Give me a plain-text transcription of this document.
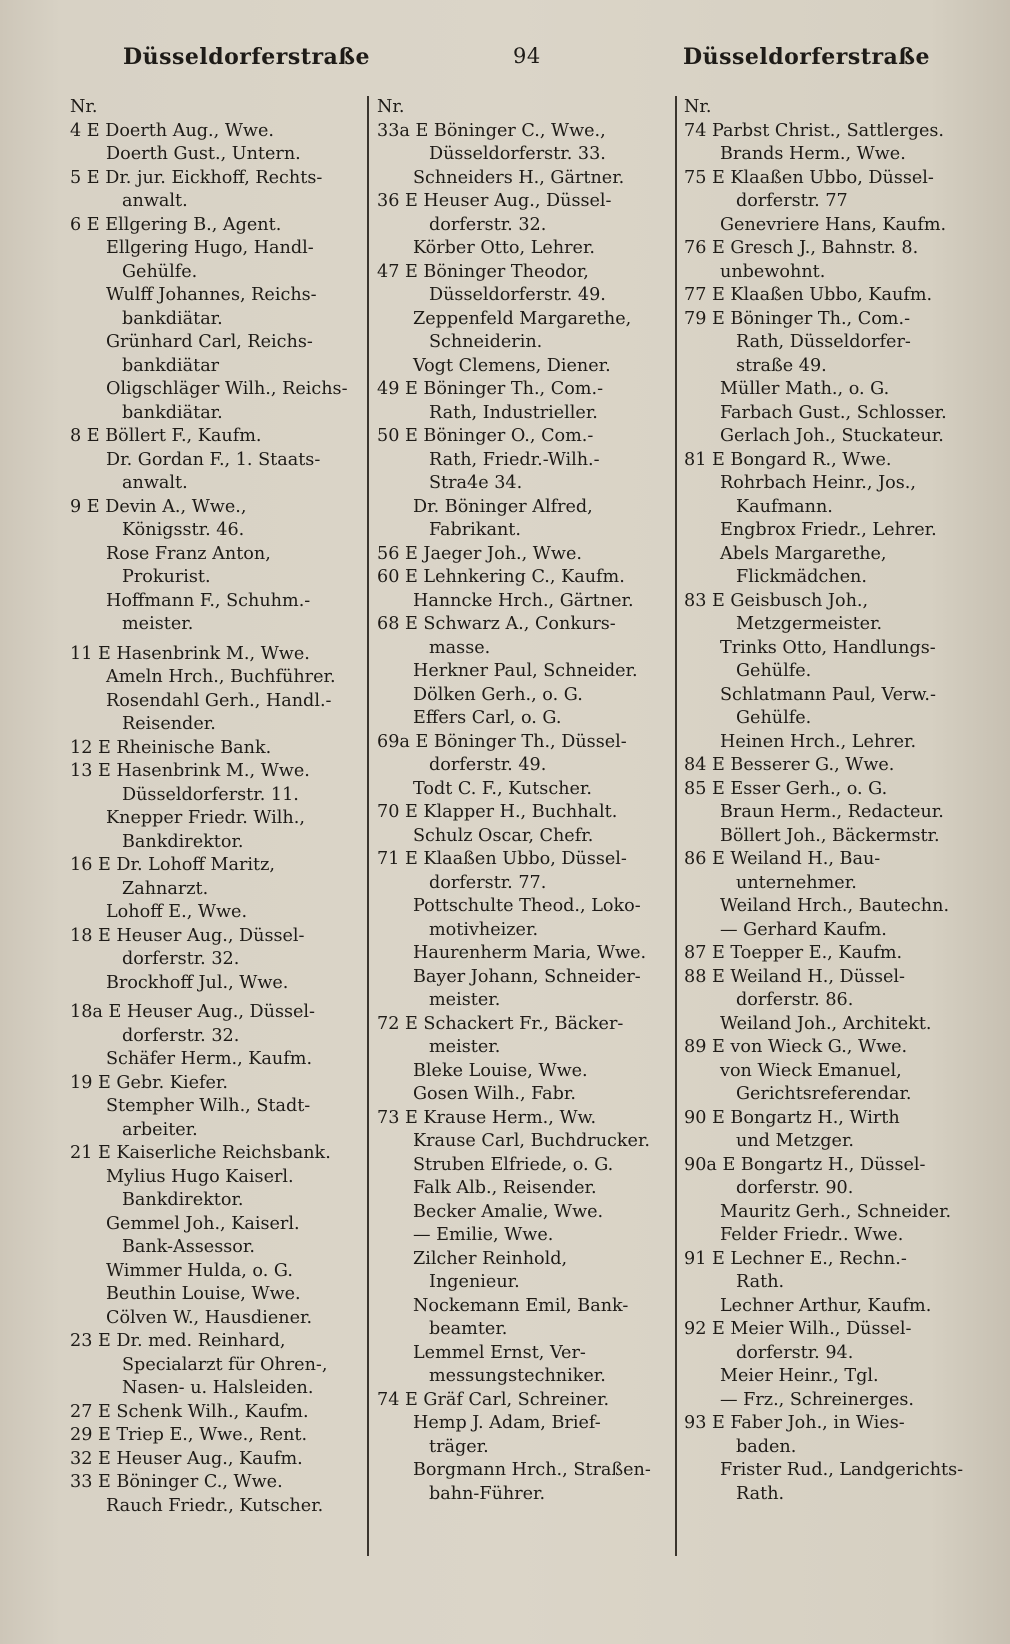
Düsseldorferstraße	94	Düsseldorferstraße
Nr.
4 E Doerth Aug., Wwe.
Doerth Gust., Untern.
5 E Dr. jur. Eickhoff, Rechts-
anwalt.
6 E Ellgering B., Agent.
Ellgering Hugo, Handl-
Gehülfe.
Wulff Johannes, Reichs-
bankdiätar.
Grünhard Carl, Reichs-
bankdiätar
Oligschläger Wilh., Reichs-
bankdiätar.
8 E Böllert F., Kaufm.
Dr. Gordan F., 1. Staats-
anwalt.
9 E Devin A., Wwe.,
Königsstr. 46.
Rose Franz Anton,
Prokurist.
Hoffmann F., Schuhm.-
meister.
11 E Hasenbrink M., Wwe.
Ameln Hrch., Buchführer.
Rosendahl Gerh., Handl.-
Reisender.
12 E Rheinische Bank.
13 E Hasenbrink M., Wwe.
Düsseldorferstr. 11.
Knepper Friedr. Wilh.,
Bankdirektor.
16 E Dr. Lohoff Maritz,
Zahnarzt.
Lohoff E., Wwe.
18 E Heuser Aug., Düssel-
dorferstr. 32.
Brockhoff Jul., Wwe.
18a E Heuser Aug., Düssel-
dorferstr. 32.
Schäfer Herm., Kaufm.
19 E Gebr. Kiefer.
Stempher Wilh., Stadt-
arbeiter.
21 E Kaiserliche Reichsbank.
Mylius Hugo Kaiserl.
Bankdirektor.
Gemmel Joh., Kaiserl.
Bank-Assessor.
Wimmer Hulda, o. G.
Beuthin Louise, Wwe.
Cölven W., Hausdiener.
23 E Dr. med. Reinhard,
Specialarzt für Ohren-,
Nasen- u. Halsleiden.
27 E Schenk Wilh., Kaufm.
29 E Triep E., Wwe., Rent.
32 E Heuser Aug., Kaufm.
33 E Böninger C., Wwe.
Rauch Friedr., Kutscher.
Nr.
33a E Böninger C., Wwe.,
Düsseldorferstr. 33.
Schneiders H., Gärtner.
36 E Heuser Aug., Düssel-
dorferstr. 32.
Körber Otto, Lehrer.
47 E Böninger Theodor,
Düsseldorferstr. 49.
Zeppenfeld Margarethe,
Schneiderin.
Vogt Clemens, Diener.
49 E Böninger Th., Com.-
Rath, Industrieller.
50 E Böninger O., Com.-
Rath, Friedr.-Wilh.-
Stra4e 34.
Dr. Böninger Alfred,
Fabrikant.
56 E Jaeger Joh., Wwe.
60 E Lehnkering C., Kaufm.
Hanncke Hrch., Gärtner.
68 E Schwarz A., Conkurs-
masse.
Herkner Paul, Schneider.
Dölken Gerh., o. G.
Effers Carl, o. G.
69a E Böninger Th., Düssel-
dorferstr. 49.
Todt C. F., Kutscher.
70 E Klapper H., Buchhalt.
Schulz Oscar, Chefr.
71 E Klaaßen Ubbo, Düssel-
dorferstr. 77.
Pottschulte Theod., Loko-
motivheizer.
Haurenherm Maria, Wwe.
Bayer Johann, Schneider-
meister.
72 E Schackert Fr., Bäcker-
meister.
Bleke Louise, Wwe.
Gosen Wilh., Fabr.
73 E Krause Herm., Ww.
Krause Carl, Buchdrucker.
Struben Elfriede, o. G.
Falk Alb., Reisender.
Becker Amalie, Wwe.
— Emilie, Wwe.
Zilcher Reinhold,
Ingenieur.
Nockemann Emil, Bank-
beamter.
Lemmel Ernst, Ver-
messungstechniker.
74 E Gräf Carl, Schreiner.
Hemp J. Adam, Brief-
träger.
Borgmann Hrch., Straßen-
bahn-Führer.
Nr.
74 Parbst Christ., Sattlerges.
Brands Herm., Wwe.
75 E Klaaßen Ubbo, Düssel-
dorferstr. 77
Genevriere Hans, Kaufm.
76 E Gresch J., Bahnstr. 8.
unbewohnt.
77 E Klaaßen Ubbo, Kaufm.
79 E Böninger Th., Com.-
Rath, Düsseldorfer-
straße 49.
Müller Math., o. G.
Farbach Gust., Schlosser.
Gerlach Joh., Stuckateur.
81 E Bongard R., Wwe.
Rohrbach Heinr., Jos.,
Kaufmann.
Engbrox Friedr., Lehrer.
Abels Margarethe,
Flickmädchen.
83 E Geisbusch Joh.,
Metzgermeister.
Trinks Otto, Handlungs-
Gehülfe.
Schlatmann Paul, Verw.-
Gehülfe.
Heinen Hrch., Lehrer.
84 E Besserer G., Wwe.
85 E Esser Gerh., o. G.
Braun Herm., Redacteur.
Böllert Joh., Bäckermstr.
86 E Weiland H., Bau-
unternehmer.
Weiland Hrch., Bautechn.
— Gerhard Kaufm.
87 E Toepper E., Kaufm.
88 E Weiland H., Düssel-
dorferstr. 86.
Weiland Joh., Architekt.
89 E von Wieck G., Wwe.
von Wieck Emanuel,
Gerichtsreferendar.
90 E Bongartz H., Wirth
und Metzger.
90a E Bongartz H., Düssel-
dorferstr. 90.
Mauritz Gerh., Schneider.
Felder Friedr.. Wwe.
91 E Lechner E., Rechn.-
Rath.
Lechner Arthur, Kaufm.
92 E Meier Wilh., Düssel-
dorferstr. 94.
Meier Heinr., Tgl.
— Frz., Schreinerges.
93 E Faber Joh., in Wies-
baden.
Frister Rud., Landgerichts-
Rath.
